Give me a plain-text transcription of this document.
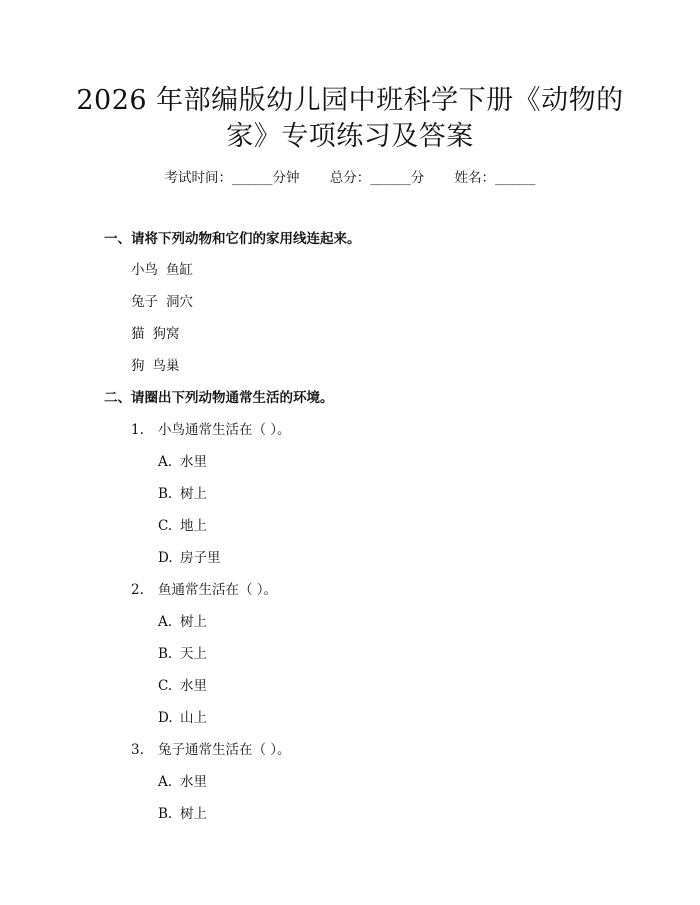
2026 年部编版幼儿园中班科学下册《动物的
家》专项练习及答案
考试时间：______分钟 总分：______分 姓名：______
一、请将下列动物和它们的家用线连起来。
小鸟 鱼缸
兔子 洞穴
猫 狗窝
狗 鸟巢
二、请圈出下列动物通常生活的环境。
1. 小鸟通常生活在（ ）。
A. 水里
B. 树上
C. 地上
D. 房子里
2. 鱼通常生活在（ ）。
A. 树上
B. 天上
C. 水里
D. 山上
3. 兔子通常生活在（ ）。
A. 水里
B. 树上
